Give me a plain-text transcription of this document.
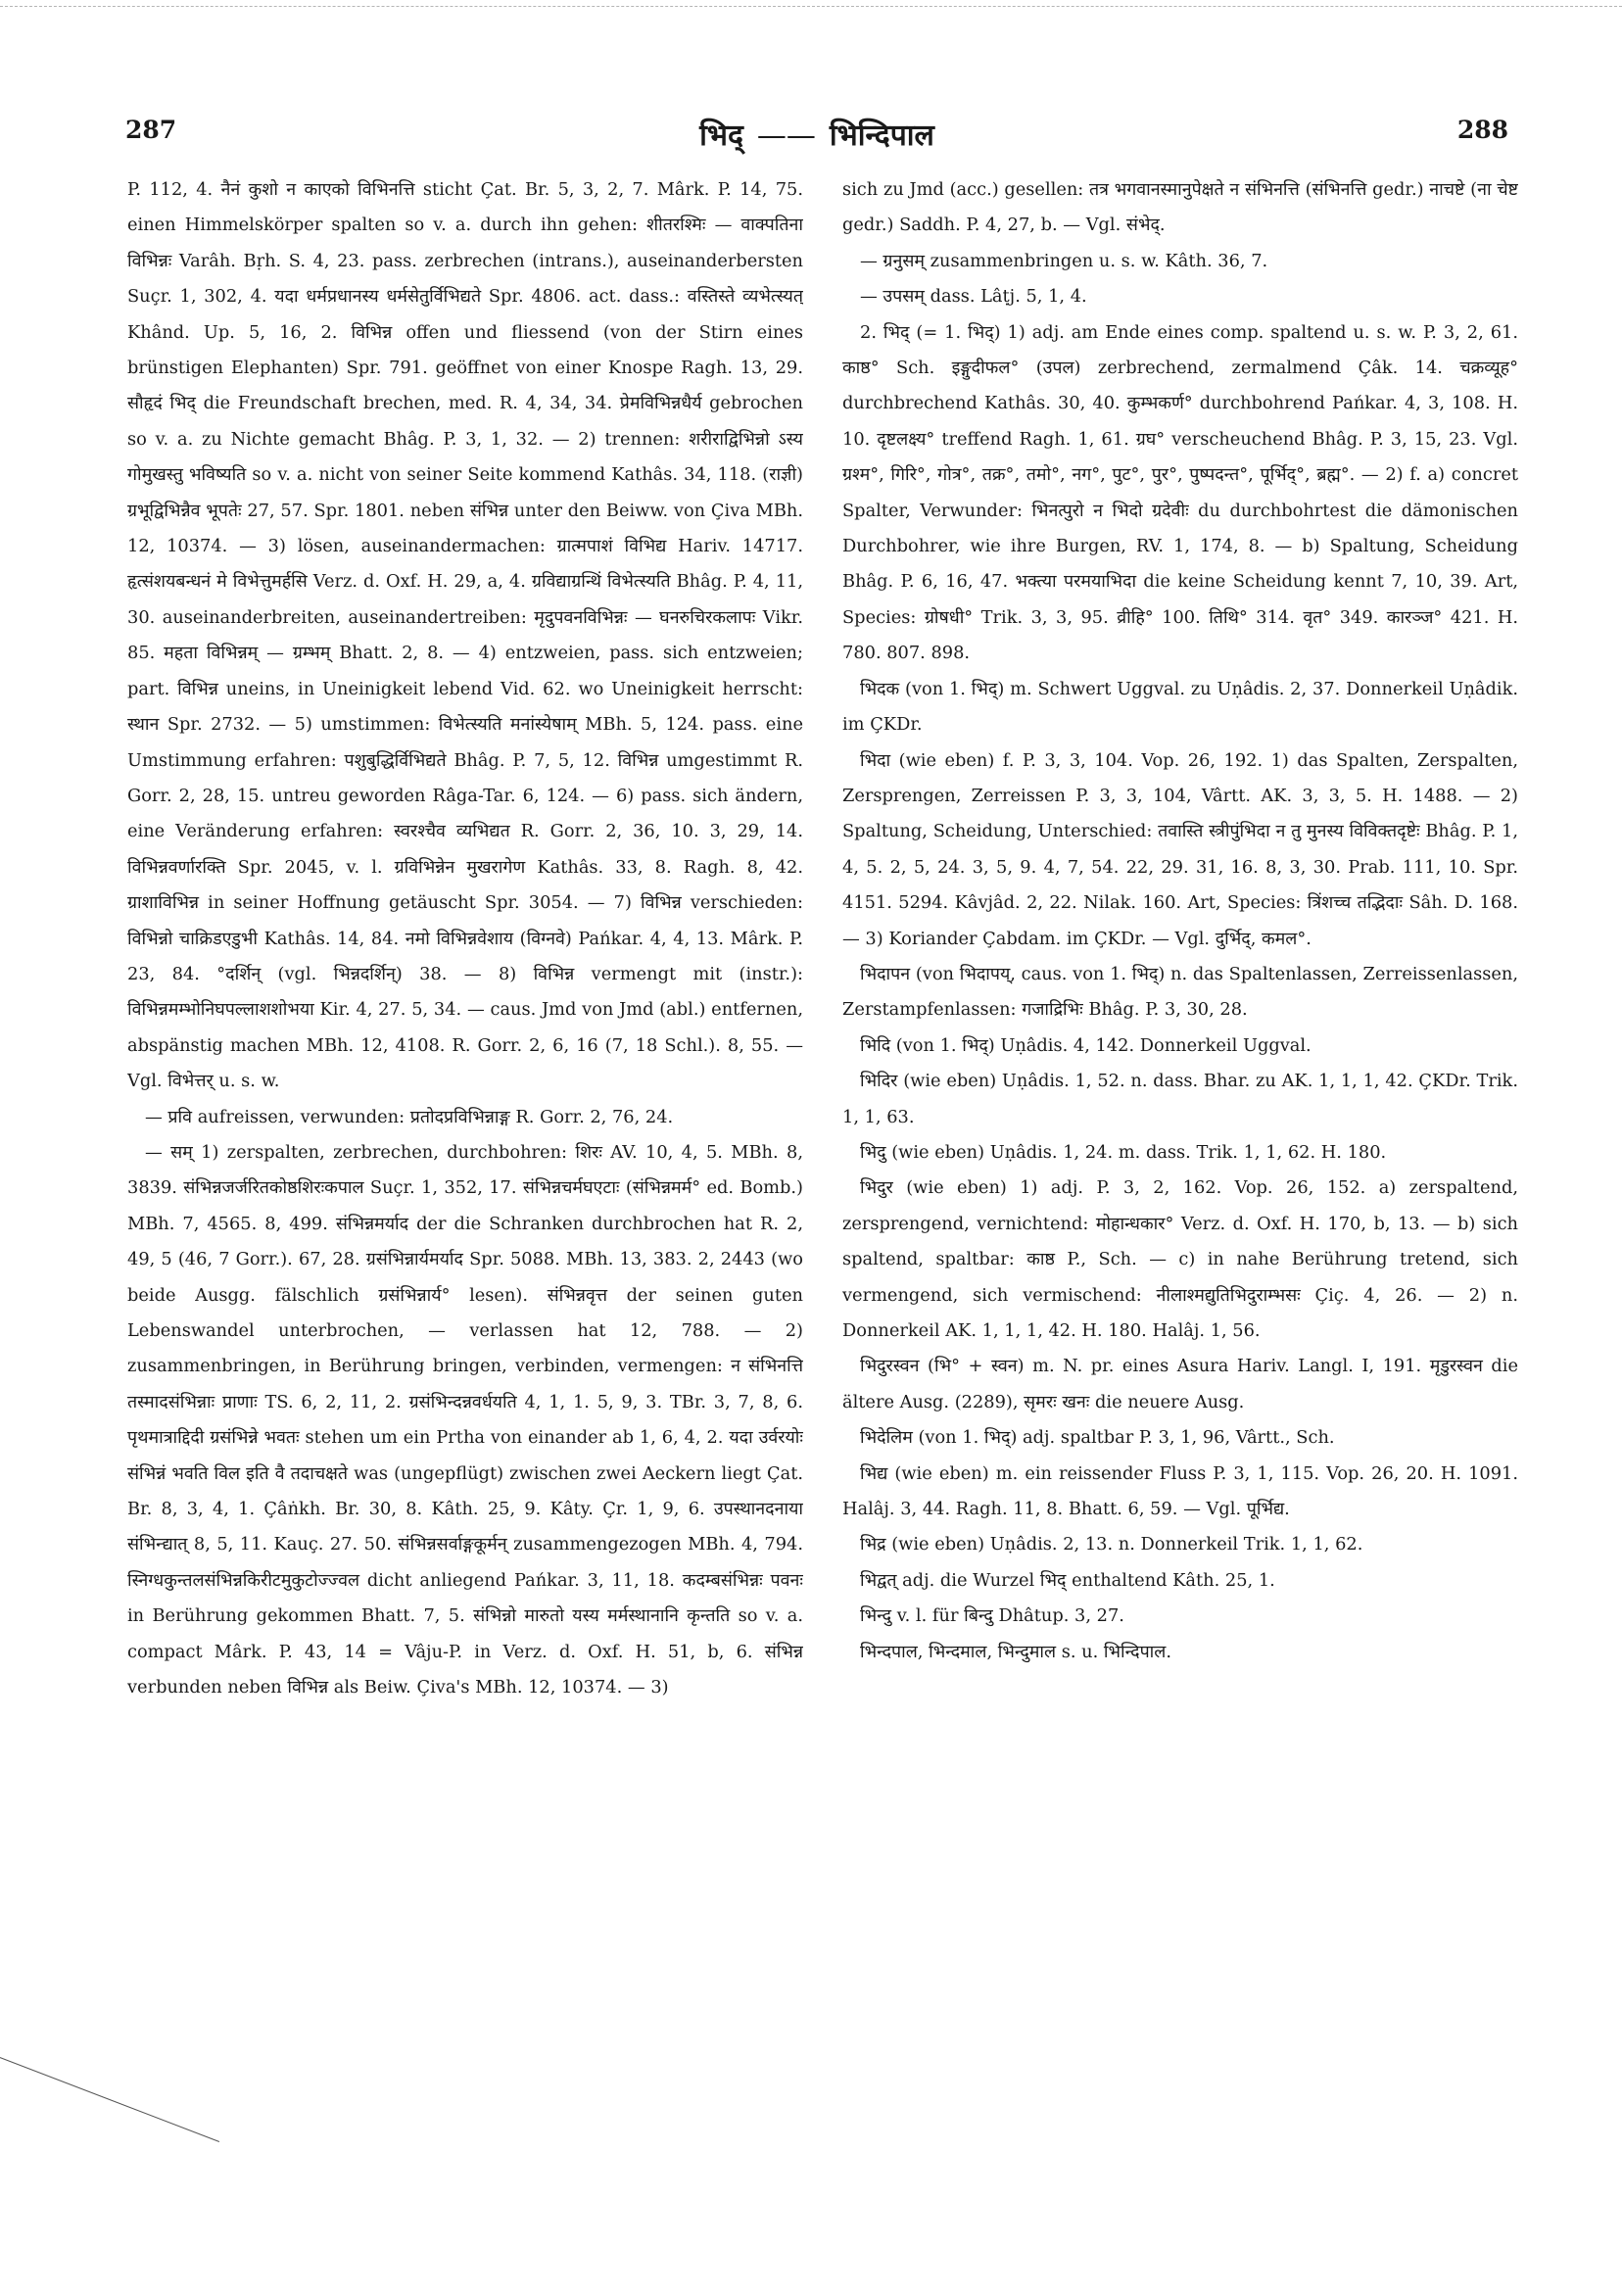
287	भिद् —— भिन्दिपाल	288

P. 112, 4. नैनं कुशो न काएको विभिनत्ति sticht Çat. Br. 5, 3, 2, 7. Mârk. P. 14, 75. einen Himmelskörper spalten so v. a. durch ihn gehen: शीतरश्मिः — वाक्पतिना विभिन्नः Varâh. Bṛh. S. 4, 23. pass. zerbrechen (intrans.), auseinanderbersten Suçr. 1, 302, 4. यदा धर्मप्रधानस्य धर्मसेतुर्विभिद्यते Spr. 4806. act. dass.: वस्तिस्ते व्यभेत्स्यत् Khând. Up. 5, 16, 2. विभिन्न offen und fliessend (von der Stirn eines brünstigen Elephanten) Spr. 791. geöffnet von einer Knospe Ragh. 13, 29. सौहृदं भिद् die Freundschaft brechen, med. R. 4, 34, 34. प्रेमविभिन्नधैर्य gebrochen so v. a. zu Nichte gemacht Bhâg. P. 3, 1, 32. — 2) trennen: शरीराद्विभिन्नो ऽस्य गोमुखस्तु भविष्यति so v. a. nicht von seiner Seite kommend Kathâs. 34, 118. (राज्ञी) ग्रभूद्विभिन्नैव भूपतेः 27, 57. Spr. 1801. neben संभिन्न unter den Beiww. von Çiva MBh. 12, 10374. — 3) lösen, auseinandermachen: ग्रात्मपाशं विभिद्य Hariv. 14717. हृत्संशयबन्धनं मे विभेत्तुमर्हसि Verz. d. Oxf. H. 29, a, 4. ग्रविद्याग्रन्थिं विभेत्स्यति Bhâg. P. 4, 11, 30. auseinanderbreiten, auseinandertreiben: मृदुपवनविभिन्नः — घनरुचिरकलापः Vikr. 85. महता विभिन्नम् — ग्रम्भम् Bhatt. 2, 8. — 4) entzweien, pass. sich entzweien; part. विभिन्न uneins, in Uneinigkeit lebend Vid. 62. wo Uneinigkeit herrscht: स्थान Spr. 2732. — 5) umstimmen: विभेत्स्यति मनांस्येषाम् MBh. 5, 124. pass. eine Umstimmung erfahren: पशुबुद्धिर्विभिद्यते Bhâg. P. 7, 5, 12. विभिन्न umgestimmt R. Gorr. 2, 28, 15. untreu geworden Râga-Tar. 6, 124. — 6) pass. sich ändern, eine Veränderung erfahren: स्वरश्चैव व्यभिद्यत R. Gorr. 2, 36, 10. 3, 29, 14. विभिन्नवर्णारक्ति Spr. 2045, v. l. ग्रविभिन्नेन मुखरागेण Kathâs. 33, 8. Ragh. 8, 42. ग्राशाविभिन्न in seiner Hoffnung getäuscht Spr. 3054. — 7) विभिन्न verschieden: विभिन्नो चाक्रिडएडुभी Kathâs. 14, 84. नमो विभिन्नवेशाय (विग्नवे) Pańkar. 4, 4, 13. Mârk. P. 23, 84. °दर्शिन् (vgl. भिन्नदर्शिन्) 38. — 8) विभिन्न vermengt mit (instr.): विभिन्नमम्भोनिघपल्लाशशोभया Kir. 4, 27. 5, 34. — caus. Jmd von Jmd (abl.) entfernen, abspänstig machen MBh. 12, 4108. R. Gorr. 2, 6, 16 (7, 18 Schl.). 8, 55. — Vgl. विभेत्तर् u. s. w.

— प्रवि aufreissen, verwunden: प्रतोदप्रविभिन्नाङ्ग R. Gorr. 2, 76, 24.

— सम् 1) zerspalten, zerbrechen, durchbohren: शिरः AV. 10, 4, 5. MBh. 8, 3839. संभिन्नजर्जरितकोष्ठशिरःकपाल Suçr. 1, 352, 17. संभिन्नचर्मघएटाः (संभिन्नमर्म° ed. Bomb.) MBh. 7, 4565. 8, 499. संभिन्नमर्याद der die Schranken durchbrochen hat R. 2, 49, 5 (46, 7 Gorr.). 67, 28. ग्रसंभिन्नार्यमर्याद Spr. 5088. MBh. 13, 383. 2, 2443 (wo beide Ausgg. fälschlich ग्रसंभिन्नार्य° lesen). संभिन्नवृत्त der seinen guten Lebenswandel unterbrochen, — verlassen hat 12, 788. — 2) zusammenbringen, in Berührung bringen, verbinden, vermengen: न संभिनत्ति तस्मादसंभिन्नाः प्राणाः TS. 6, 2, 11, 2. ग्रसंभिन्दन्नवर्धयति 4, 1, 1. 5, 9, 3. TBr. 3, 7, 8, 6. पृथमात्राद्दिदी ग्रसंभिन्ने भवतः stehen um ein Prtha von einander ab 1, 6, 4, 2. यदा उर्वरयोः संभिन्नं भवति विल इति वै तदाचक्षते was (ungepflügt) zwischen zwei Aeckern liegt Çat. Br. 8, 3, 4, 1. Çâṅkh. Br. 30, 8. Kâth. 25, 9. Kâty. Çr. 1, 9, 6. उपस्थानदनाया संभिन्द्यात् 8, 5, 11. Kauç. 27. 50. संभिन्नसर्वाङ्गकूर्मन् zusammengezogen MBh. 4, 794. स्निग्धकुन्तलसंभिन्नकिरीटमुकुटोज्ज्वल dicht anliegend Pańkar. 3, 11, 18. कदम्बसंभिन्नः पवनः in Berührung gekommen Bhatt. 7, 5. संभिन्नो मारुतो यस्य मर्मस्थानानि कृन्तति so v. a. compact Mârk. P. 43, 14 = Vâju-P. in Verz. d. Oxf. H. 51, b, 6. संभिन्न verbunden neben विभिन्न als Beiw. Çiva's MBh. 12, 10374. — 3)

sich zu Jmd (acc.) gesellen: तत्र भगवानस्मानुपेक्षते न संभिनत्ति (संभिनत्ति gedr.) नाचष्टे (ना चेष्ट gedr.) Saddh. P. 4, 27, b. — Vgl. संभेद्.

— ग्रनुसम् zusammenbringen u. s. w. Kâth. 36, 7.

— उपसम् dass. Lâṭj. 5, 1, 4.

2. भिद् (= 1. भिद्) 1) adj. am Ende eines comp. spaltend u. s. w. P. 3, 2, 61. काष्ठ° Sch. इङ्गुदीफल° (उपल) zerbrechend, zermalmend Çâk. 14. चक्रव्यूह° durchbrechend Kathâs. 30, 40. कुम्भकर्ण° durchbohrend Pańkar. 4, 3, 108. H. 10. दृष्टलक्ष्य° treffend Ragh. 1, 61. ग्रघ° verscheuchend Bhâg. P. 3, 15, 23. Vgl. ग्रश्म°, गिरि°, गोत्र°, तक्र°, तमो°, नग°, पुट°, पुर°, पुष्पदन्त°, पूर्भिद्°, ब्रह्म°. — 2) f. a) concret Spalter, Verwunder: भिनत्पुरो न भिदो ग्रदेवीः du durchbohrtest die dämonischen Durchbohrer, wie ihre Burgen, RV. 1, 174, 8. — b) Spaltung, Scheidung Bhâg. P. 6, 16, 47. भक्त्या परमयाभिदा die keine Scheidung kennt 7, 10, 39. Art, Species: ग्रोषधी° Trik. 3, 3, 95. व्रीहि° 100. तिथि° 314. वृत° 349. कारञ्ज° 421. H. 780. 807. 898.

भिदक (von 1. भिद्) m. Schwert Uggval. zu Uṇâdis. 2, 37. Donnerkeil Uṇâdik. im ÇKDr.

भिदा (wie eben) f. P. 3, 3, 104. Vop. 26, 192. 1) das Spalten, Zerspalten, Zersprengen, Zerreissen P. 3, 3, 104, Vârtt. AK. 3, 3, 5. H. 1488. — 2) Spaltung, Scheidung, Unterschied: तवास्ति स्त्रीपुंभिदा न तु मुनस्य विविक्तदृष्टेः Bhâg. P. 1, 4, 5. 2, 5, 24. 3, 5, 9. 4, 7, 54. 22, 29. 31, 16. 8, 3, 30. Prab. 111, 10. Spr. 4151. 5294. Kâvjâd. 2, 22. Nilak. 160. Art, Species: त्रिंशच्च तद्भिदाः Sâh. D. 168. — 3) Koriander Çabdam. im ÇKDr. — Vgl. दुर्भिद्, कमल°.

भिदापन (von भिदापय्, caus. von 1. भिद्) n. das Spaltenlassen, Zerreissenlassen, Zerstampfenlassen: गजाद्रिभिः Bhâg. P. 3, 30, 28.

भिदि (von 1. भिद्) Uṇâdis. 4, 142. Donnerkeil Uggval.

भिदिर (wie eben) Uṇâdis. 1, 52. n. dass. Bhar. zu AK. 1, 1, 1, 42. ÇKDr. Trik. 1, 1, 63.

भिदु (wie eben) Uṇâdis. 1, 24. m. dass. Trik. 1, 1, 62. H. 180.

भिदुर (wie eben) 1) adj. P. 3, 2, 162. Vop. 26, 152. a) zerspaltend, zersprengend, vernichtend: मोहान्धकार° Verz. d. Oxf. H. 170, b, 13. — b) sich spaltend, spaltbar: काष्ठ P., Sch. — c) in nahe Berührung tretend, sich vermengend, sich vermischend: नीलाश्मद्युतिभिदुराम्भसः Çiç. 4, 26. — 2) n. Donnerkeil AK. 1, 1, 1, 42. H. 180. Halâj. 1, 56.

भिदुरस्वन (भि° + स्वन) m. N. pr. eines Asura Hariv. Langl. I, 191. मृडुरस्वन die ältere Ausg. (2289), सृमरः खनः die neuere Ausg.

भिदेलिम (von 1. भिद्) adj. spaltbar P. 3, 1, 96, Vârtt., Sch.

भिद्य (wie eben) m. ein reissender Fluss P. 3, 1, 115. Vop. 26, 20. H. 1091. Halâj. 3, 44. Ragh. 11, 8. Bhatt. 6, 59. — Vgl. पूर्भिद्य.

भिद्र (wie eben) Uṇâdis. 2, 13. n. Donnerkeil Trik. 1, 1, 62.

भिद्वत् adj. die Wurzel भिद् enthaltend Kâth. 25, 1.

भिन्दु v. l. für बिन्दु Dhâtup. 3, 27.

भिन्दपाल, भिन्दमाल, भिन्दुमाल s. u. भिन्दिपाल.
